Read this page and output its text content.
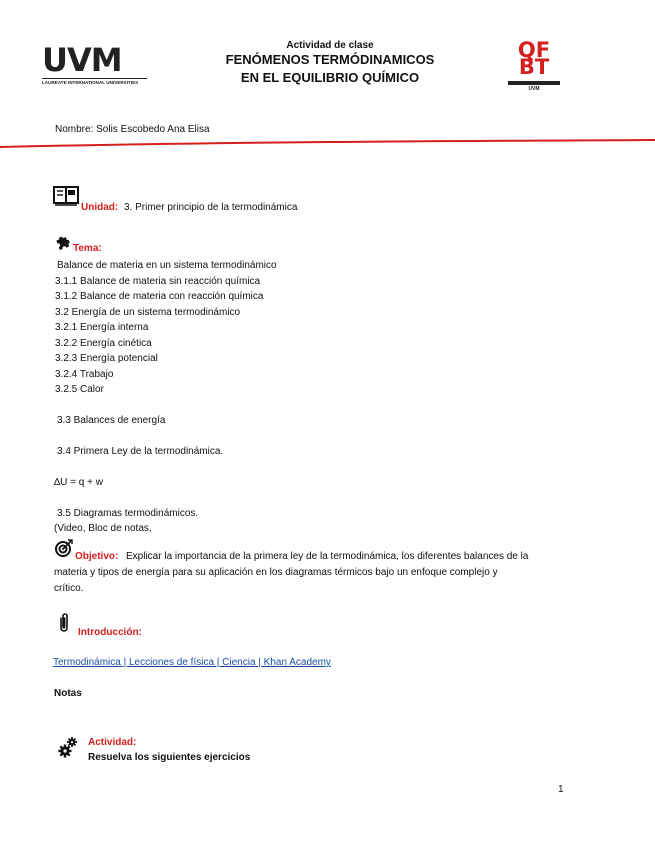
UVM
LAUREATE INTERNATIONAL UNIVERSITIES
Actividad de clase
FENÓMENOS TERMÓDINAMICOS
EN EL EQUILIBRIO QUÍMICO
QF
BT

UVM
Nombre: Solis Escobedo Ana Elisa
Unidad: 3. Primer principio de la termodinámica
Tema:
Balance de materia en un sistema termodinámico
3.1.1 Balance de materia sin reacción química
3.1.2 Balance de materia con reacción química
3.2 Energía de un sistema termodinámico
3.2.1 Energía interna
3.2.2 Energía cinética
3.2.3 Energía potencial
3.2.4 Trabajo
3.2.5 Calor
3.3 Balances de energía
3.4 Primera Ley de la termodinámica.
∆U = q + w
3.5 Diagramas termodinámicos.
(Video, Bloc de notas,
Objetivo: Explicar la importancia de la primera ley de la termodinámica, los diferentes balances de la
materia y tipos de energía para su aplicación en los diagramas térmicos bajo un enfoque complejo y
crítico.
Introducción:
Termodinámica | Lecciones de física | Ciencia | Khan Academy
Notas
Actividad:
Resuelva los siguientes ejercicios
1
